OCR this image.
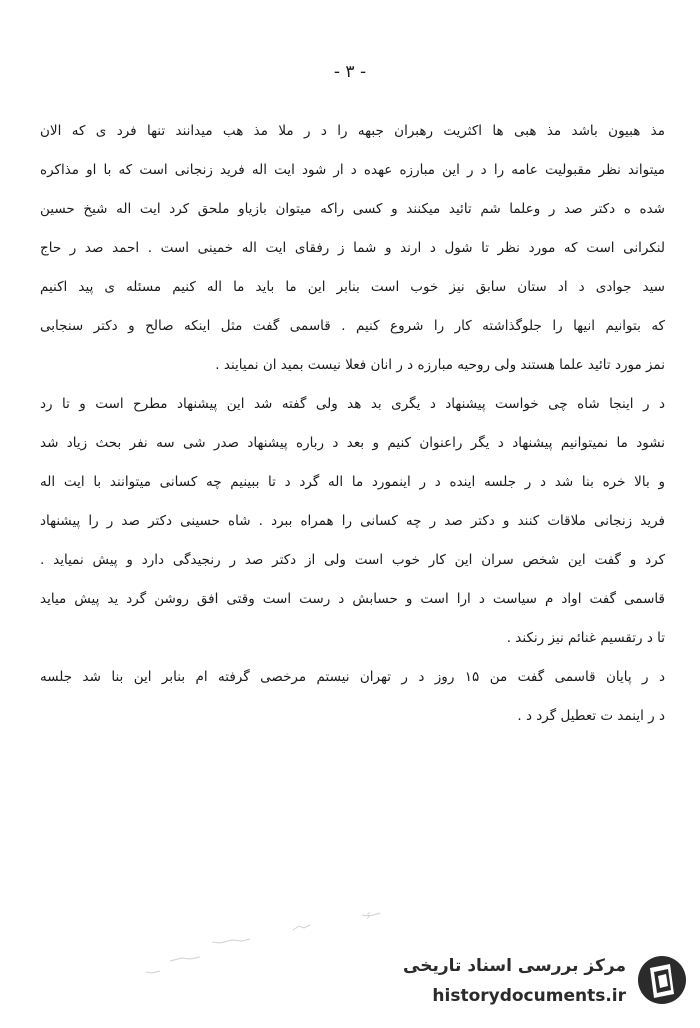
- ۳ -
مذ هبیون باشد مذ هبی ها اکثریت رهبران جبهه را د ر ملا مذ هب میدانند تنها فرد ی که الان
میتواند نظر مقبولیت عامه را د ر این مبارزه عهده د ار شود ایت اله فرید زنجانی است که با او مذاکره
شده ه دکتر صد ر وعلما شم تائید میکنند و کسی راکه میتوان بازیاو ملحق کرد ایت اله شیخ حسین
لنکرانی است که مورد نظر تا شول د ارند و شما ز رفقای ایت اله خمینی است . احمد صد ر حاج
سید جوادی د اد ستان سابق نیز خوب است بنابر این ما باید ما اله کنیم مسئله ی پید اکنیم
که بتوانیم انیها را جلوگذاشته کار را شروع کنیم . قاسمی گفت مثل اینکه صالح و دکتر سنجابی
نمز مورد تائید علما هستند ولی روحیه مبارزه د ر انان فعلا نیست بمید ان نمیایند .
د ر اینجا شاه چی خواست پیشنهاد د یگری بد هد ولی گفته شد این پیشنهاد مطرح است و تا رد
نشود ما نمیتوانیم پیشنهاد د یگر راعنوان کنیم و بعد د رباره پیشنهاد صدر شی سه نفر بحث زیاد شد
و بالا خره بنا شد د ر جلسه اینده د ر اینمورد ما اله گرد د تا ببینیم چه کسانی میتوانند با ایت اله
فرید زنجانی ملاقات کنند و دکتر صد ر چه کسانی را همراه ببرد . شاه حسینی دکتر صد ر را پیشنهاد
کرد و گفت این شخص سران این کار خوب است ولی از دکتر صد ر رنجیدگی دارد و پیش نمیاید .
قاسمی گفت اواد م سیاست د ارا است و حسابش د رست است وقتی افق روشن گرد ید پیش میاید
تا د رتقسیم غنائم نیز رنکند .
د ر پایان قاسمی گفت من ۱۵ روز د ر تهران نیستم مرخصی گرفته ام بنابر این بنا شد جلسه
د ر اینمد ت تعطیل گرد د .
۶
مرکز بررسی اسناد تاریخی
historydocuments.ir
